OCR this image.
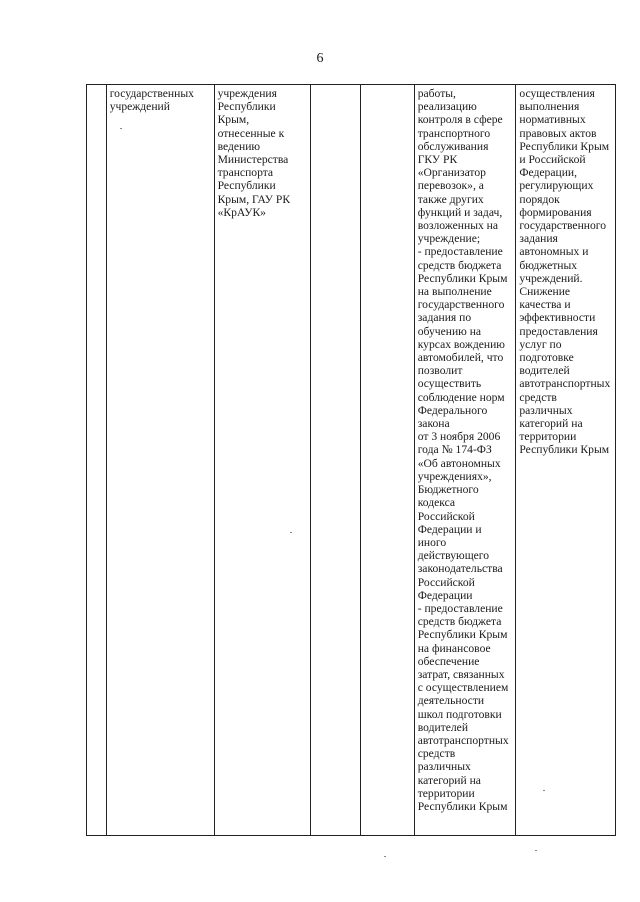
6
	государственных
учреждений	учреждения
Республики
Крым,
отнесенные к
ведению
Министерства
транспорта
Республики
Крым, ГАУ РК
«КрАУК»			работы,
реализацию
контроля в сфере
транспортного
обслуживания
ГКУ РК
«Организатор
перевозок», а
также других
функций и задач,
возложенных на
учреждение;
- предоставление
средств бюджета
Республики Крым
на выполнение
государственного
задания по
обучению на
курсах вождению
автомобилей, что
позволит
осуществить
соблюдение норм
Федерального
закона
от 3 ноября 2006
года № 174-ФЗ
«Об автономных
учреждениях»,
Бюджетного
кодекса
Российской
Федерации и
иного
действующего
законодательства
Российской
Федерации
- предоставление
средств бюджета
Республики Крым
на финансовое
обеспечение
затрат, связанных
с осуществлением
деятельности
школ подготовки
водителей
автотранспортных
средств
различных
категорий на
территории
Республики Крым	осуществления
выполнения
нормативных
правовых актов
Республики Крым
и Российской
Федерации,
регулирующих
порядок
формирования
государственного
задания
автономных и
бюджетных
учреждений.
Снижение
качества и
эффективности
предоставления
услуг по
подготовке
водителей
автотранспортных
средств
различных
категорий на
территории
Республики Крым
